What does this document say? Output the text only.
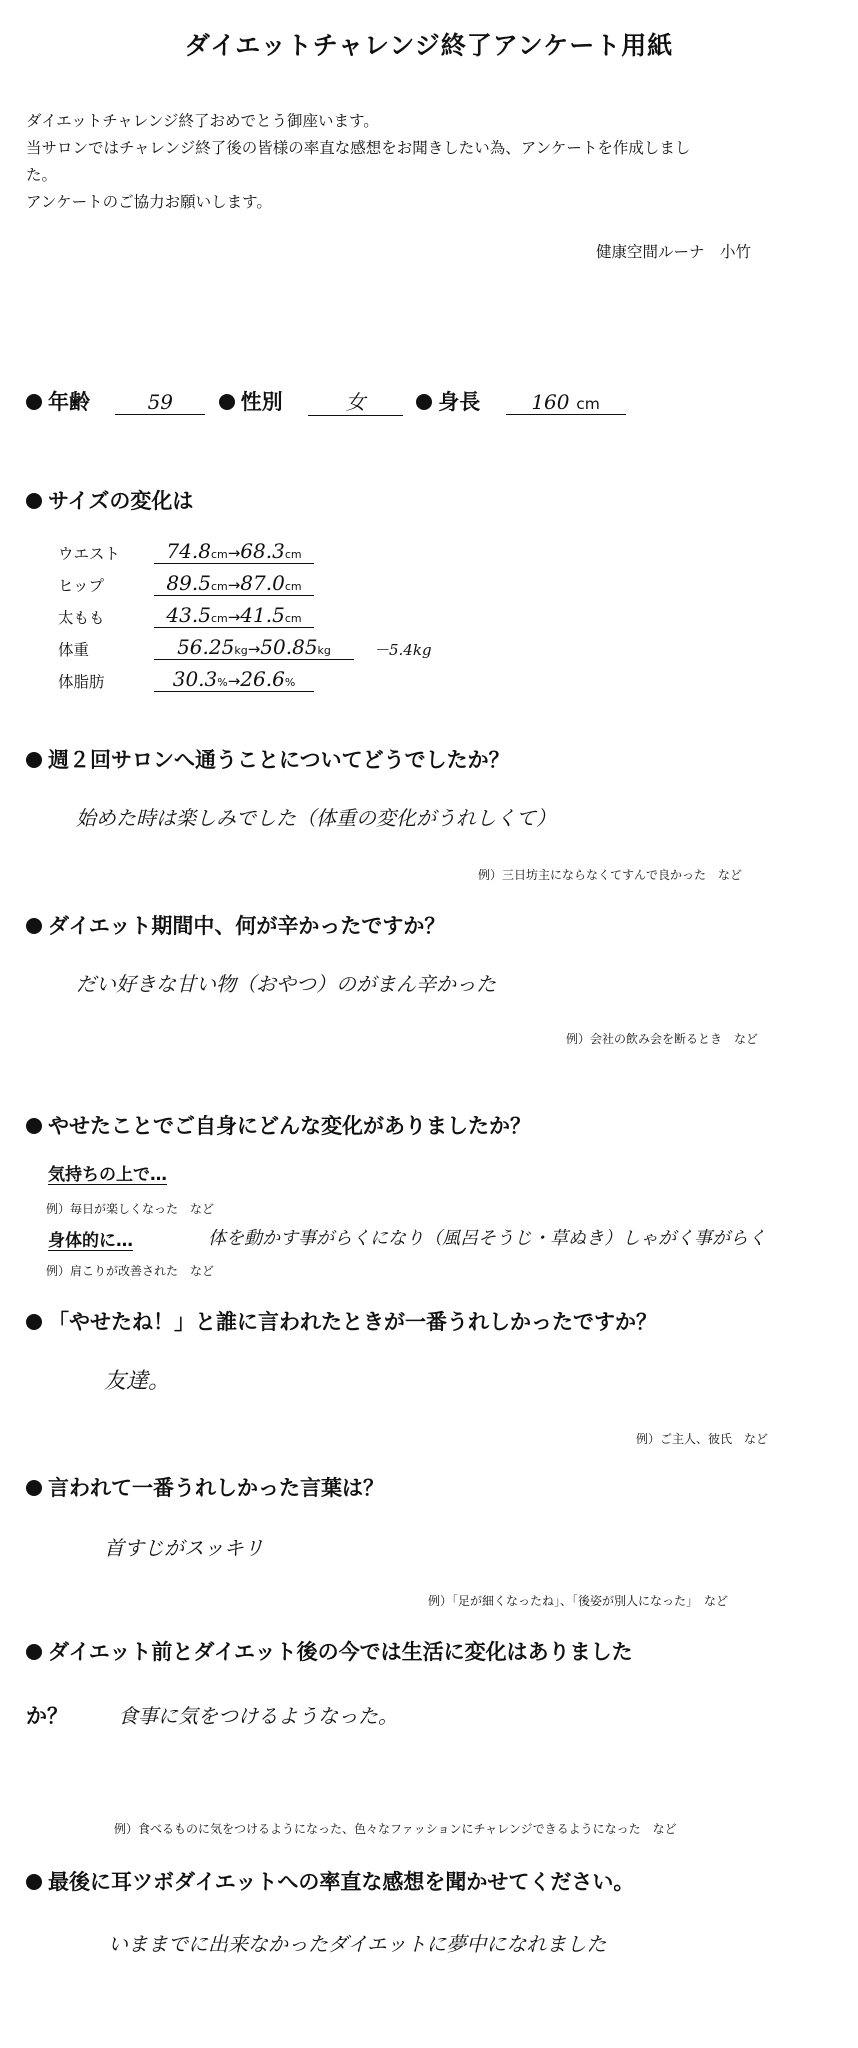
ダイエットチャレンジ終了アンケート用紙
ダイエットチャレンジ終了おめでとう御座います。
当サロンではチャレンジ終了後の皆様の率直な感想をお聞きしたい為、アンケートを作成しまし
た。
アンケートのご協力お願いします。
健康空間ルーナ　小竹
年齢	59	性別	女	身長	160 cm
サイズの変化は
ウエスト	74.8cm→68.3cm
ヒップ	89.5cm→87.0cm
太もも	43.5cm→41.5cm
体重	56.25kg→50.85kg	－5.4kg
体脂肪	30.3%→26.6%
週２回サロンへ通うことについてどうでしたか？
始めた時は楽しみでした（体重の変化がうれしくて）
例）三日坊主にならなくてすんで良かった　など
ダイエット期間中、何が辛かったですか？
だい好きな甘い物（おやつ）のがまん辛かった
例）会社の飲み会を断るとき　など
やせたことでご自身にどんな変化がありましたか？
気持ちの上で…
例）毎日が楽しくなった　など
身体的に…	体を動かす事がらくになり（風呂そうじ・草ぬき）しゃがく事がらく
例）肩こりが改善された　など
「やせたね！」と誰に言われたときが一番うれしかったですか？
友達。
例）ご主人、彼氏　など
言われて一番うれしかった言葉は？
首すじがスッキリ
例）「足が細くなったね」、「後姿が別人になった」　など
ダイエット前とダイエット後の今では生活に変化はありました
か？	食事に気をつけるようなった。
例）食べるものに気をつけるようになった、色々なファッションにチャレンジできるようになった　など
最後に耳ツボダイエットへの率直な感想を聞かせてください。
いままでに出来なかったダイエットに夢中になれました
